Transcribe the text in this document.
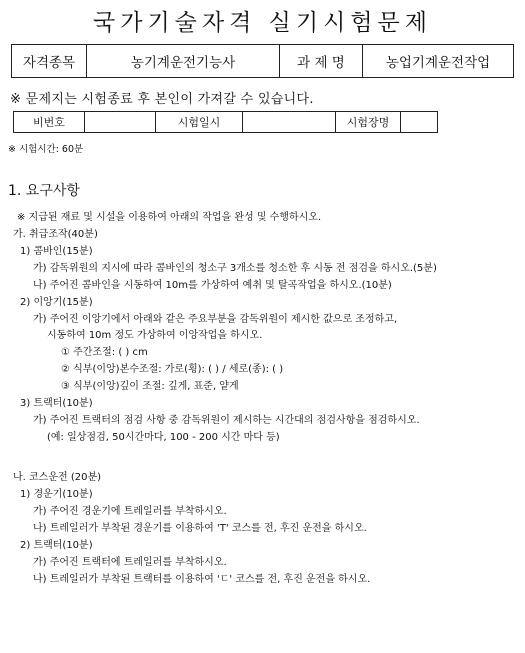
국가기술자격 실기시험문제
자격종목	농기계운전기능사	과 제 명	농업기계운전작업
※ 문제지는 시험종료 후 본인이 가져갈 수 있습니다.
비번호		시험일시		시험장명	
※ 시험시간: 60분
1. 요구사항
※ 지급된 재료 및 시설을 이용하여 아래의 작업을 완성 및 수행하시오.
가. 취급조작(40분)
1) 콤바인(15분)
가) 감독위원의 지시에 따라 콤바인의 청소구 3개소를 청소한 후 시동 전 점검을 하시오.(5분)
나) 주어진 콤바인을 시동하여 10m를 가상하여 예취 및 탈곡작업을 하시오.(10분)
2) 이앙기(15분)
가) 주어진 이앙기에서 아래와 같은 주요부분을 감독위원이 제시한 값으로 조정하고,
시동하여 10m 정도 가상하여 이앙작업을 하시오.
① 주간조절: ( ) cm
② 식부(이앙)본수조절: 가로(횡): ( ) / 세로(종): ( )
③ 식부(이앙)깊이 조절: 깊게, 표준, 얕게
3) 트랙터(10분)
가) 주어진 트랙터의 점검 사항 중 감독위원이 제시하는 시간대의 점검사항을 점검하시오.
(예: 일상점검, 50시간마다, 100 - 200 시간 마다 등)
나. 코스운전 (20분)
1) 경운기(10분)
가) 주어진 경운기에 트레일러를 부착하시오.
나) 트레일러가 부착된 경운기를 이용하여 'T' 코스를 전, 후진 운전을 하시오.
2) 트랙터(10분)
가) 주어진 트랙터에 트레일러를 부착하시오.
나) 트레일러가 부착된 트랙터를 이용하여 'ㄷ' 코스를 전, 후진 운전을 하시오.
